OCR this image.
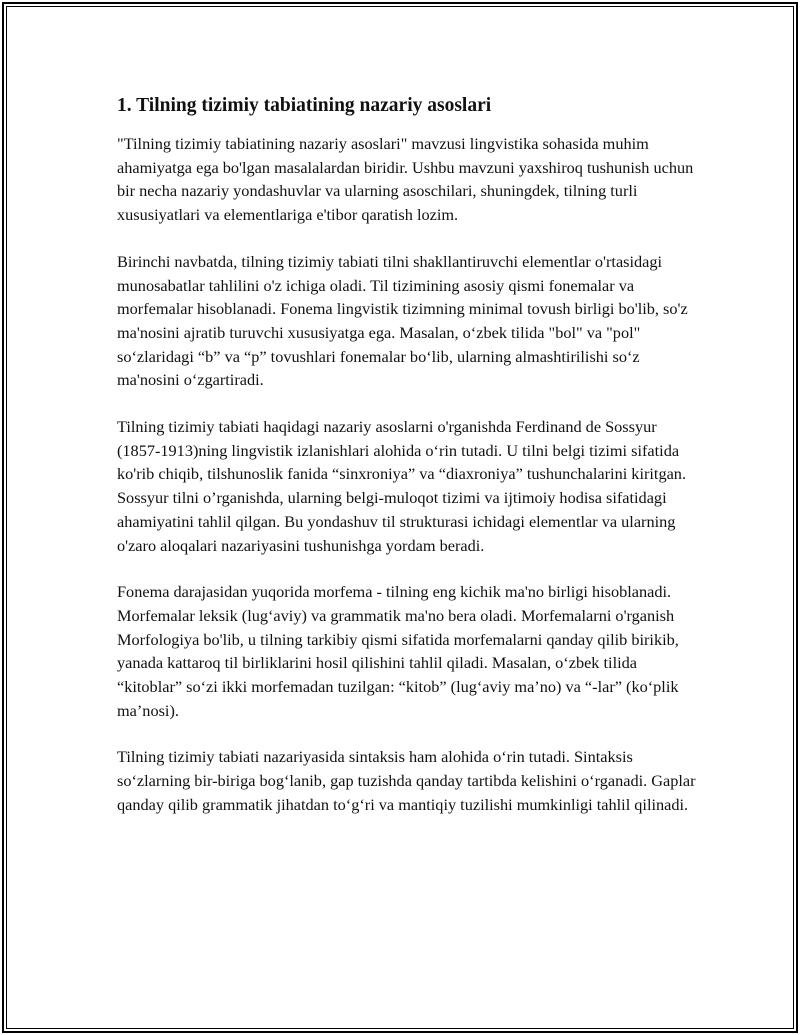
1. Tilning tizimiy tabiatining nazariy asoslari

"Tilning tizimiy tabiatining nazariy asoslari" mavzusi lingvistika sohasida muhim ahamiyatga ega bo'lgan masalalardan biridir. Ushbu mavzuni yaxshiroq tushunish uchun bir necha nazariy yondashuvlar va ularning asoschilari, shuningdek, tilning turli xususiyatlari va elementlariga e'tibor qaratish lozim.

Birinchi navbatda, tilning tizimiy tabiati tilni shakllantiruvchi elementlar o'rtasidagi munosabatlar tahlilini o'z ichiga oladi. Til tizimining asosiy qismi fonemalar va morfemalar hisoblanadi. Fonema lingvistik tizimning minimal tovush birligi bo'lib, so'z ma'nosini ajratib turuvchi xususiyatga ega. Masalan, o‘zbek tilida "bol" va "pol" so‘zlaridagi “b” va “p” tovushlari fonemalar bo‘lib, ularning almashtirilishi so‘z ma'nosini o‘zgartiradi.

Tilning tizimiy tabiati haqidagi nazariy asoslarni o'rganishda Ferdinand de Sossyur (1857-1913)ning lingvistik izlanishlari alohida o‘rin tutadi. U tilni belgi tizimi sifatida ko'rib chiqib, tilshunoslik fanida “sinxroniya” va “diaxroniya” tushunchalarini kiritgan. Sossyur tilni o’rganishda, ularning belgi-muloqot tizimi va ijtimoiy hodisa sifatidagi ahamiyatini tahlil qilgan. Bu yondashuv til strukturasi ichidagi elementlar va ularning o'zaro aloqalari nazariyasini tushunishga yordam beradi.

Fonema darajasidan yuqorida morfema - tilning eng kichik ma'no birligi hisoblanadi. Morfemalar leksik (lug‘aviy) va grammatik ma'no bera oladi. Morfemalarni o'rganish Morfologiya bo'lib, u tilning tarkibiy qismi sifatida morfemalarni qanday qilib birikib, yanada kattaroq til birliklarini hosil qilishini tahlil qiladi. Masalan, o‘zbek tilida “kitoblar” so‘zi ikki morfemadan tuzilgan: “kitob” (lug‘aviy ma’no) va “-lar” (ko‘plik ma’nosi).

Tilning tizimiy tabiati nazariyasida sintaksis ham alohida o‘rin tutadi. Sintaksis so‘zlarning bir-biriga bog‘lanib, gap tuzishda qanday tartibda kelishini o‘rganadi. Gaplar qanday qilib grammatik jihatdan to‘g‘ri va mantiqiy tuzilishi mumkinligi tahlil qilinadi.
